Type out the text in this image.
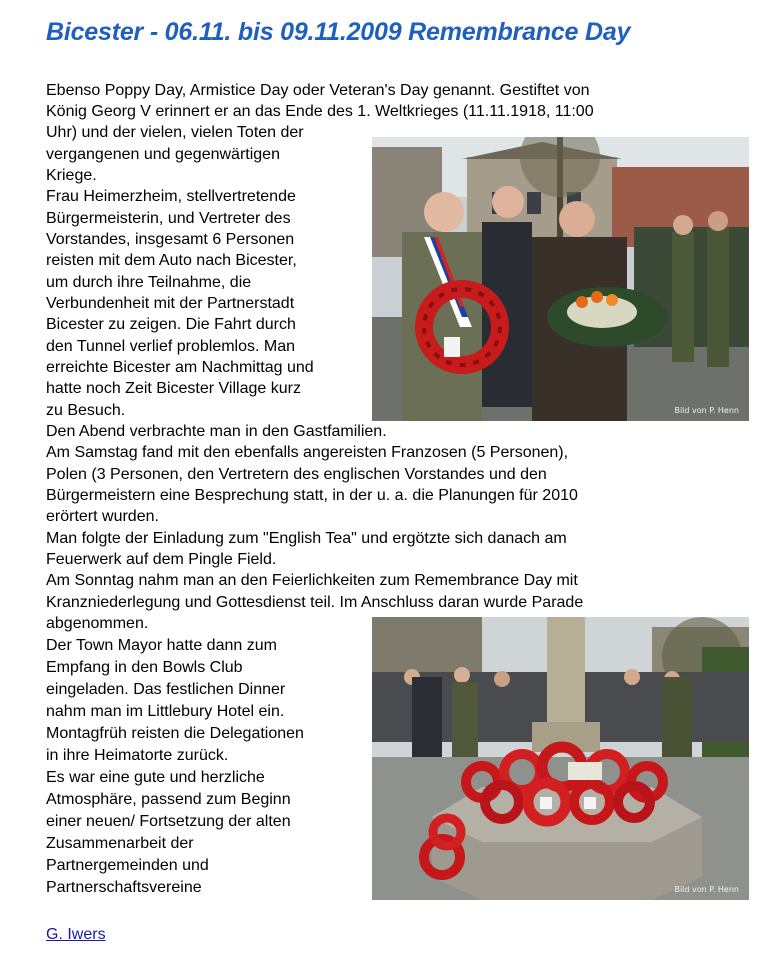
Bicester - 06.11. bis 09.11.2009 Remembrance Day
Ebenso Poppy Day, Armistice Day oder Veteran's Day genannt. Gestiftet von
König Georg V erinnert er an das Ende des 1. Weltkrieges (11.11.1918, 11:00
Uhr) und der vielen, vielen Toten der
vergangenen und gegenwärtigen
Kriege.
Frau Heimerzheim, stellvertretende
Bürgermeisterin, und Vertreter des
Vorstandes, insgesamt 6 Personen
reisten mit dem Auto nach Bicester,
um durch ihre Teilnahme, die
Verbundenheit mit der Partnerstadt
Bicester zu zeigen. Die Fahrt durch
den Tunnel verlief problemlos. Man
erreichte Bicester am Nachmittag und
hatte noch Zeit Bicester Village kurz
zu Besuch.
Den Abend verbrachte man in den Gastfamilien.
Am Samstag fand mit den ebenfalls angereisten Franzosen (5 Personen),
Polen (3 Personen, den Vertretern des englischen Vorstandes und den
Bürgermeistern eine Besprechung statt, in der u. a. die Planungen für 2010
erörtert wurden.
Man folgte der Einladung zum "English Tea" und ergötzte sich danach am
Feuerwerk auf dem Pingle Field.
Am Sonntag nahm man an den Feierlichkeiten zum Remembrance Day mit
Kranzniederlegung und Gottesdienst teil. Im Anschluss daran wurde Parade
abgenommen.
Der Town Mayor hatte dann zum
Empfang in den Bowls Club
eingeladen. Das festlichen Dinner
nahm man im Littlebury Hotel ein.
Montagfrüh reisten die Delegationen
in ihre Heimatorte zurück.
Es war eine gute und herzliche
Atmosphäre, passend zum Beginn
einer neuen/ Fortsetzung der alten
Zusammenarbeit der
Partnergemeinden und
Partnerschaftsvereine
Bild von P. Henn
Bild von P. Henn
G. Iwers
